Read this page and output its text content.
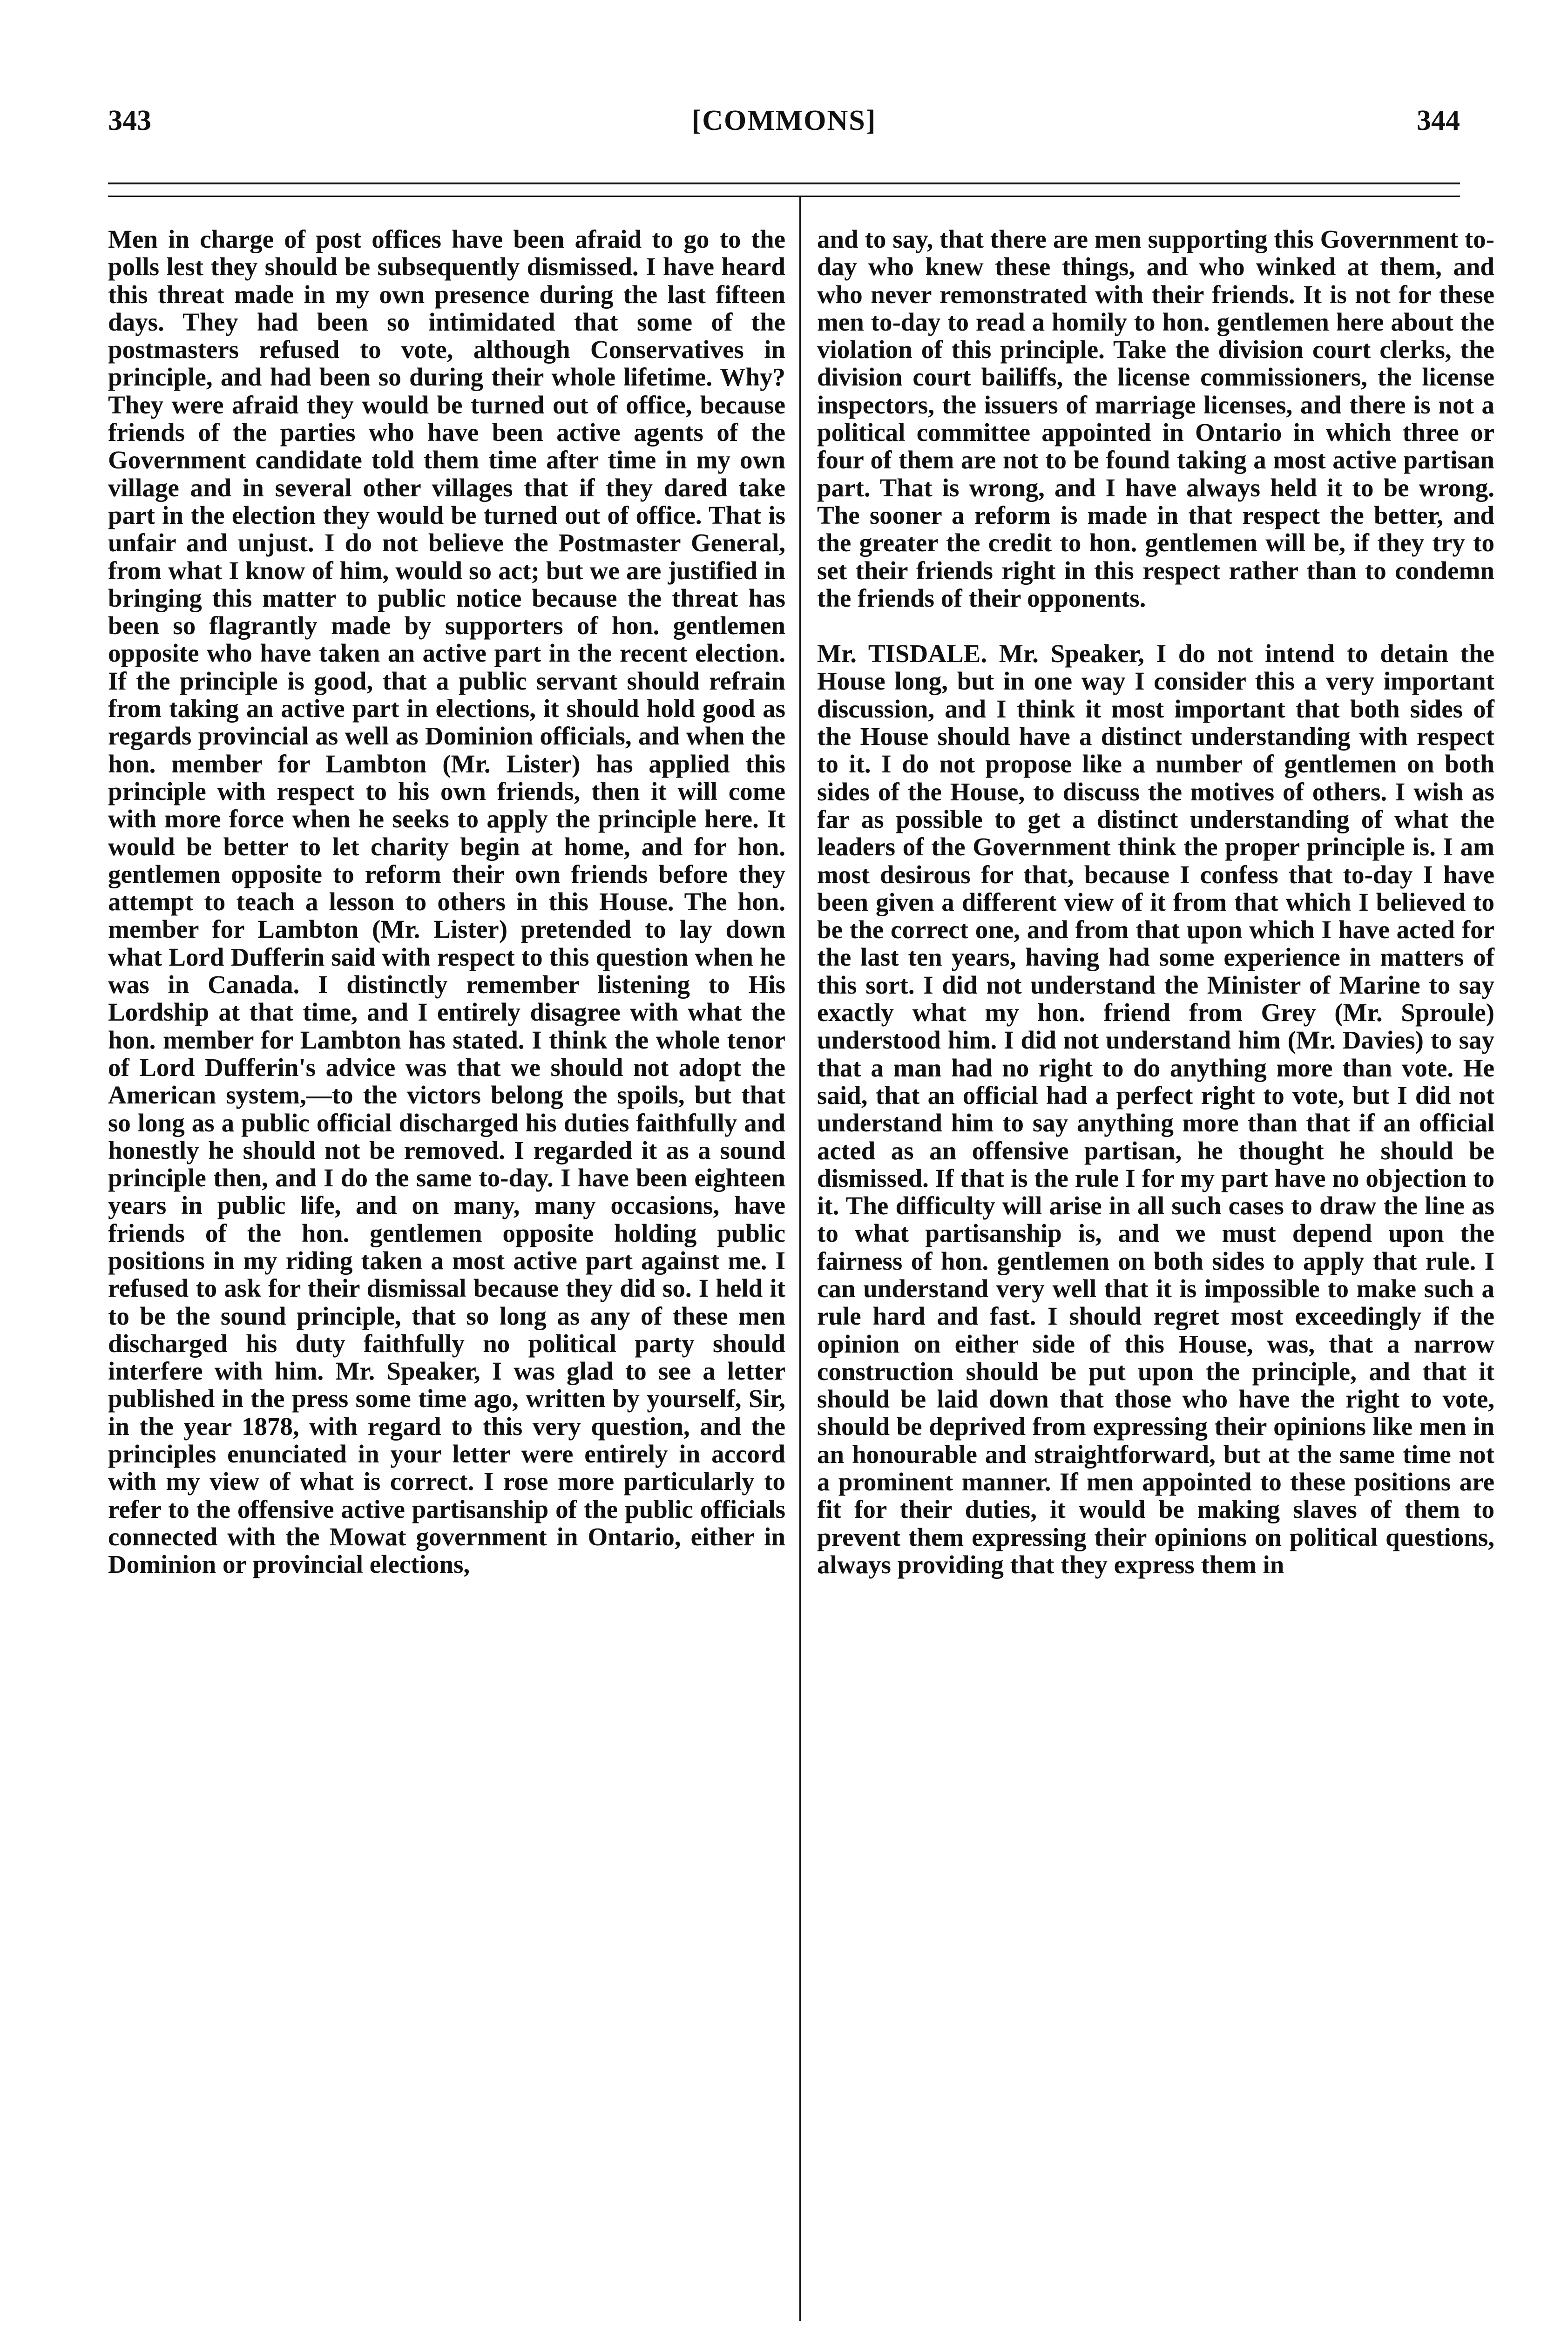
343	[COMMONS]	344

Men in charge of post offices have been afraid to go to the polls lest they should be subsequently dismissed. I have heard this threat made in my own presence during the last fifteen days. They had been so intimidated that some of the postmasters refused to vote, although Conservatives in principle, and had been so during their whole lifetime. Why? They were afraid they would be turned out of office, because friends of the parties who have been active agents of the Government candidate told them time after time in my own village and in several other villages that if they dared take part in the election they would be turned out of office. That is unfair and unjust. I do not believe the Postmaster General, from what I know of him, would so act; but we are justified in bringing this matter to public notice because the threat has been so flagrantly made by supporters of hon. gentlemen opposite who have taken an active part in the recent election. If the principle is good, that a public servant should refrain from taking an active part in elections, it should hold good as regards provincial as well as Dominion officials, and when the hon. member for Lambton (Mr. Lister) has applied this principle with respect to his own friends, then it will come with more force when he seeks to apply the principle here. It would be better to let charity begin at home, and for hon. gentlemen opposite to reform their own friends before they attempt to teach a lesson to others in this House. The hon. member for Lambton (Mr. Lister) pretended to lay down what Lord Dufferin said with respect to this question when he was in Canada. I distinctly remember listening to His Lordship at that time, and I entirely disagree with what the hon. member for Lambton has stated. I think the whole tenor of Lord Dufferin's advice was that we should not adopt the American system,—to the victors belong the spoils, but that so long as a public official discharged his duties faithfully and honestly he should not be removed. I regarded it as a sound principle then, and I do the same to-day. I have been eighteen years in public life, and on many, many occasions, have friends of the hon. gentlemen opposite holding public positions in my riding taken a most active part against me. I refused to ask for their dismissal because they did so. I held it to be the sound principle, that so long as any of these men discharged his duty faithfully no political party should interfere with him. Mr. Speaker, I was glad to see a letter published in the press some time ago, written by yourself, Sir, in the year 1878, with regard to this very question, and the principles enunciated in your letter were entirely in accord with my view of what is correct. I rose more particularly to refer to the offensive active partisanship of the public officials connected with the Mowat government in Ontario, either in Dominion or provincial elections,

and to say, that there are men supporting this Government to-day who knew these things, and who winked at them, and who never remonstrated with their friends. It is not for these men to-day to read a homily to hon. gentlemen here about the violation of this principle. Take the division court clerks, the division court bailiffs, the license commissioners, the license inspectors, the issuers of marriage licenses, and there is not a political committee appointed in Ontario in which three or four of them are not to be found taking a most active partisan part. That is wrong, and I have always held it to be wrong. The sooner a reform is made in that respect the better, and the greater the credit to hon. gentlemen will be, if they try to set their friends right in this respect rather than to condemn the friends of their opponents.

Mr. TISDALE. Mr. Speaker, I do not intend to detain the House long, but in one way I consider this a very important discussion, and I think it most important that both sides of the House should have a distinct understanding with respect to it. I do not propose like a number of gentlemen on both sides of the House, to discuss the motives of others. I wish as far as possible to get a distinct understanding of what the leaders of the Government think the proper principle is. I am most desirous for that, because I confess that to-day I have been given a different view of it from that which I believed to be the correct one, and from that upon which I have acted for the last ten years, having had some experience in matters of this sort. I did not understand the Minister of Marine to say exactly what my hon. friend from Grey (Mr. Sproule) understood him. I did not understand him (Mr. Davies) to say that a man had no right to do anything more than vote. He said, that an official had a perfect right to vote, but I did not understand him to say anything more than that if an official acted as an offensive partisan, he thought he should be dismissed. If that is the rule I for my part have no objection to it. The difficulty will arise in all such cases to draw the line as to what partisanship is, and we must depend upon the fairness of hon. gentlemen on both sides to apply that rule. I can understand very well that it is impossible to make such a rule hard and fast. I should regret most exceedingly if the opinion on either side of this House, was, that a narrow construction should be put upon the principle, and that it should be laid down that those who have the right to vote, should be deprived from expressing their opinions like men in an honourable and straightforward, but at the same time not a prominent manner. If men appointed to these positions are fit for their duties, it would be making slaves of them to prevent them expressing their opinions on political questions, always providing that they express them in
